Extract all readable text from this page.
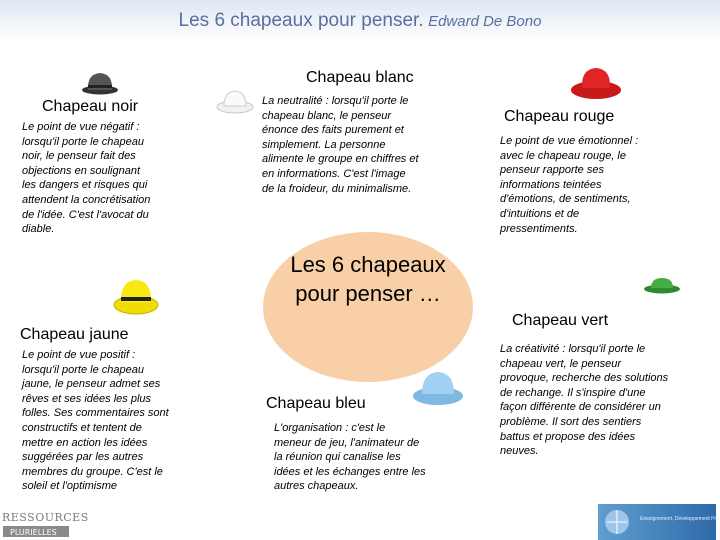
Les 6 chapeaux pour penser. Edward De Bono
Les 6 chapeaux
pour penser …
Chapeau noir
Le point de vue négatif :
lorsqu'il porte le chapeau
noir, le penseur fait des
objections en soulignant
les dangers et risques qui
attendent la concrétisation
de l'idée. C'est l'avocat du
diable.
Chapeau blanc
La neutralité : lorsqu'il porte le
chapeau blanc, le penseur
énonce des faits purement et
simplement. La personne
alimente le groupe en chiffres et
en informations. C'est l'image
de la froideur, du minimalisme.
Chapeau rouge
Le point de vue émotionnel :
avec le chapeau rouge, le
penseur rapporte ses
informations teintées
d'émotions, de sentiments,
d'intuitions et de
pressentiments.
Chapeau jaune
Le point de vue positif :
lorsqu'il porte le chapeau
jaune, le penseur admet ses
rêves et ses idées les plus
folles. Ses commentaires sont
constructifs et tentent de
mettre en action les idées
suggérées par les autres
membres du groupe. C'est le
soleil et l'optimisme
Chapeau bleu
L'organisation : c'est le
meneur de jeu, l'animateur de
la réunion qui canalise les
idées et les échanges entre les
autres chapeaux.
Chapeau vert
La créativité : lorsqu'il porte le
chapeau vert, le penseur
provoque, recherche des solutions
de rechange. Il s'inspire d'une
façon différente de considérer un
problème. Il sort des sentiers
battus et propose des idées
neuves.
RESSOURCES
PLURIELLES
Enseignement, Développement Pro
